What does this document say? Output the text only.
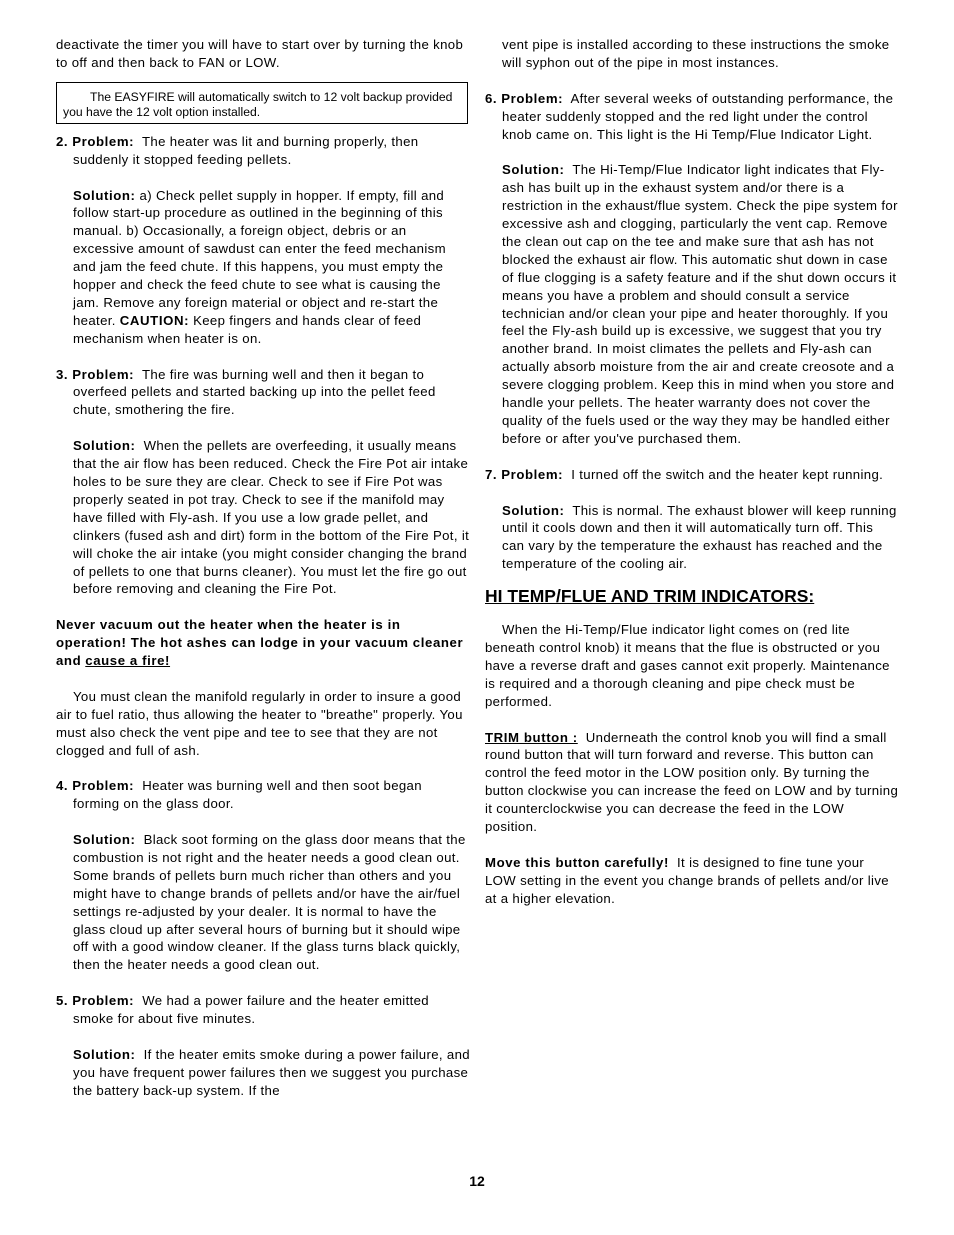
deactivate the timer you will have to start over by turning the knob to off and then back to FAN or LOW.

The EASYFIRE will automatically switch to 12 volt backup provided you have the 12 volt option installed.

2. Problem: The heater was lit and burning properly, then suddenly it stopped feeding pellets.

Solution: a) Check pellet supply in hopper. If empty, fill and follow start-up procedure as outlined in the beginning of this manual. b) Occasionally, a foreign object, debris or an excessive amount of sawdust can enter the feed mechanism and jam the feed chute. If this happens, you must empty the hopper and check the feed chute to see what is causing the jam. Remove any foreign material or object and re-start the heater. CAUTION: Keep fingers and hands clear of feed mechanism when heater is on.

3. Problem: The fire was burning well and then it began to overfeed pellets and started backing up into the pellet feed chute, smothering the fire.

Solution: When the pellets are overfeeding, it usually means that the air flow has been reduced. Check the Fire Pot air intake holes to be sure they are clear. Check to see if Fire Pot was properly seated in pot tray. Check to see if the manifold may have filled with Fly-ash. If you use a low grade pellet, and clinkers (fused ash and dirt) form in the bottom of the Fire Pot, it will choke the air intake (you might consider changing the brand of pellets to one that burns cleaner). You must let the fire go out before removing and cleaning the Fire Pot.

Never vacuum out the heater when the heater is in operation! The hot ashes can lodge in your vacuum cleaner and cause a fire!

You must clean the manifold regularly in order to insure a good air to fuel ratio, thus allowing the heater to "breathe" properly. You must also check the vent pipe and tee to see that they are not clogged and full of ash.

4. Problem: Heater was burning well and then soot began forming on the glass door.

Solution: Black soot forming on the glass door means that the combustion is not right and the heater needs a good clean out. Some brands of pellets burn much richer than others and you might have to change brands of pellets and/or have the air/fuel settings re-adjusted by your dealer. It is normal to have the glass cloud up after several hours of burning but it should wipe off with a good window cleaner. If the glass turns black quickly, then the heater needs a good clean out.

5. Problem: We had a power failure and the heater emitted smoke for about five minutes.

Solution: If the heater emits smoke during a power failure, and you have frequent power failures then we suggest you purchase the battery back-up system. If the

vent pipe is installed according to these instructions the smoke will syphon out of the pipe in most instances.

6. Problem: After several weeks of outstanding performance, the heater suddenly stopped and the red light under the control knob came on. This light is the Hi Temp/Flue Indicator Light.

Solution: The Hi-Temp/Flue Indicator light indicates that Fly-ash has built up in the exhaust system and/or there is a restriction in the exhaust/flue system. Check the pipe system for excessive ash and clogging, particularly the vent cap. Remove the clean out cap on the tee and make sure that ash has not blocked the exhaust air flow. This automatic shut down in case of flue clogging is a safety feature and if the shut down occurs it means you have a problem and should consult a service technician and/or clean your pipe and heater thoroughly. If you feel the Fly-ash build up is excessive, we suggest that you try another brand. In moist climates the pellets and Fly-ash can actually absorb moisture from the air and create creosote and a severe clogging problem. Keep this in mind when you store and handle your pellets. The heater warranty does not cover the quality of the fuels used or the way they may be handled either before or after you've purchased them.

7. Problem: I turned off the switch and the heater kept running.

Solution: This is normal. The exhaust blower will keep running until it cools down and then it will automatically turn off. This can vary by the temperature the exhaust has reached and the temperature of the cooling air.

HI TEMP/FLUE AND TRIM INDICATORS:

When the Hi-Temp/Flue indicator light comes on (red lite beneath control knob) it means that the flue is obstructed or you have a reverse draft and gases cannot exit properly. Maintenance is required and a thorough cleaning and pipe check must be performed.

TRIM button : Underneath the control knob you will find a small round button that will turn forward and reverse. This button can control the feed motor in the LOW position only. By turning the button clockwise you can increase the feed on LOW and by turning it counterclockwise you can decrease the feed in the LOW position.

Move this button carefully! It is designed to fine tune your LOW setting in the event you change brands of pellets and/or live at a higher elevation.

12
